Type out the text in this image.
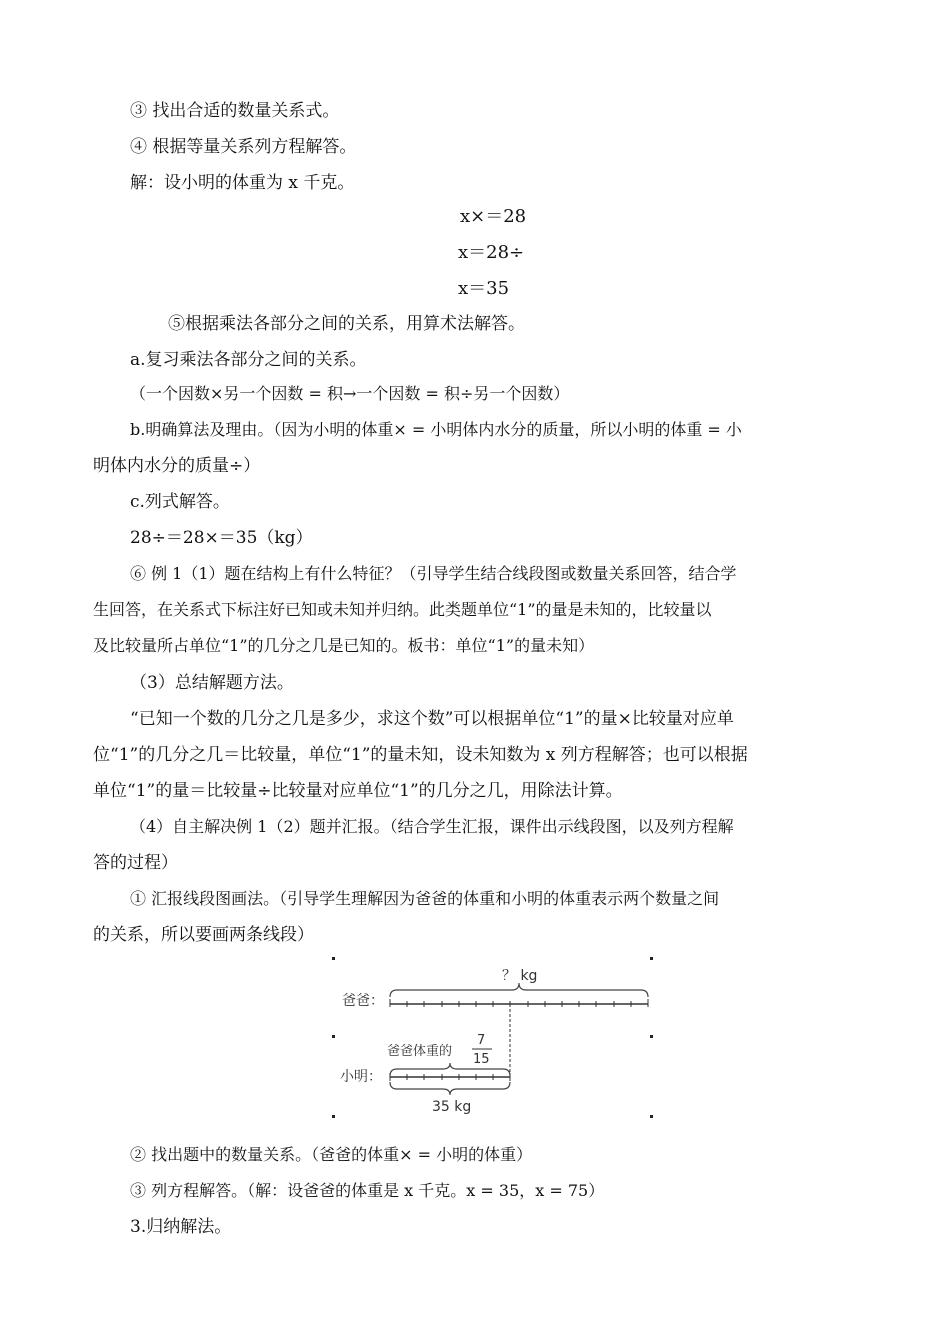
③ 找出合适的数量关系式。
④ 根据等量关系列方程解答。
解：设小明的体重为 x 千克。
x×＝28
x＝28÷
x＝35
⑤根据乘法各部分之间的关系，用算术法解答。
a.复习乘法各部分之间的关系。
（一个因数×另一个因数 = 积→一个因数 = 积÷另一个因数）
b.明确算法及理由。（因为小明的体重× = 小明体内水分的质量，所以小明的体重 = 小
明体内水分的质量÷）
c.列式解答。
28÷＝28×＝35（kg）
⑥ 例 1（1）题在结构上有什么特征？（引导学生结合线段图或数量关系回答，结合学
生回答，在关系式下标注好已知或未知并归纳。此类题单位“1”的量是未知的，比较量以
及比较量所占单位“1”的几分之几是已知的。板书：单位“1”的量未知）
（3）总结解题方法。
“已知一个数的几分之几是多少，求这个数”可以根据单位“1”的量×比较量对应单
位“1”的几分之几＝比较量，单位“1”的量未知，设未知数为 x 列方程解答；也可以根据
单位“1”的量＝比较量÷比较量对应单位“1”的几分之几，用除法计算。
（4）自主解决例 1（2）题并汇报。（结合学生汇报，课件出示线段图，以及列方程解
答的过程）
① 汇报线段图画法。（引导学生理解因为爸爸的体重和小明的体重表示两个数量之间
的关系，所以要画两条线段）
爸爸：
？ kg
爸爸体重的
7
15
小明：
35 kg
② 找出题中的数量关系。（爸爸的体重× = 小明的体重）
③ 列方程解答。（解：设爸爸的体重是 x 千克。x = 35，x = 75）
3.归纳解法。
